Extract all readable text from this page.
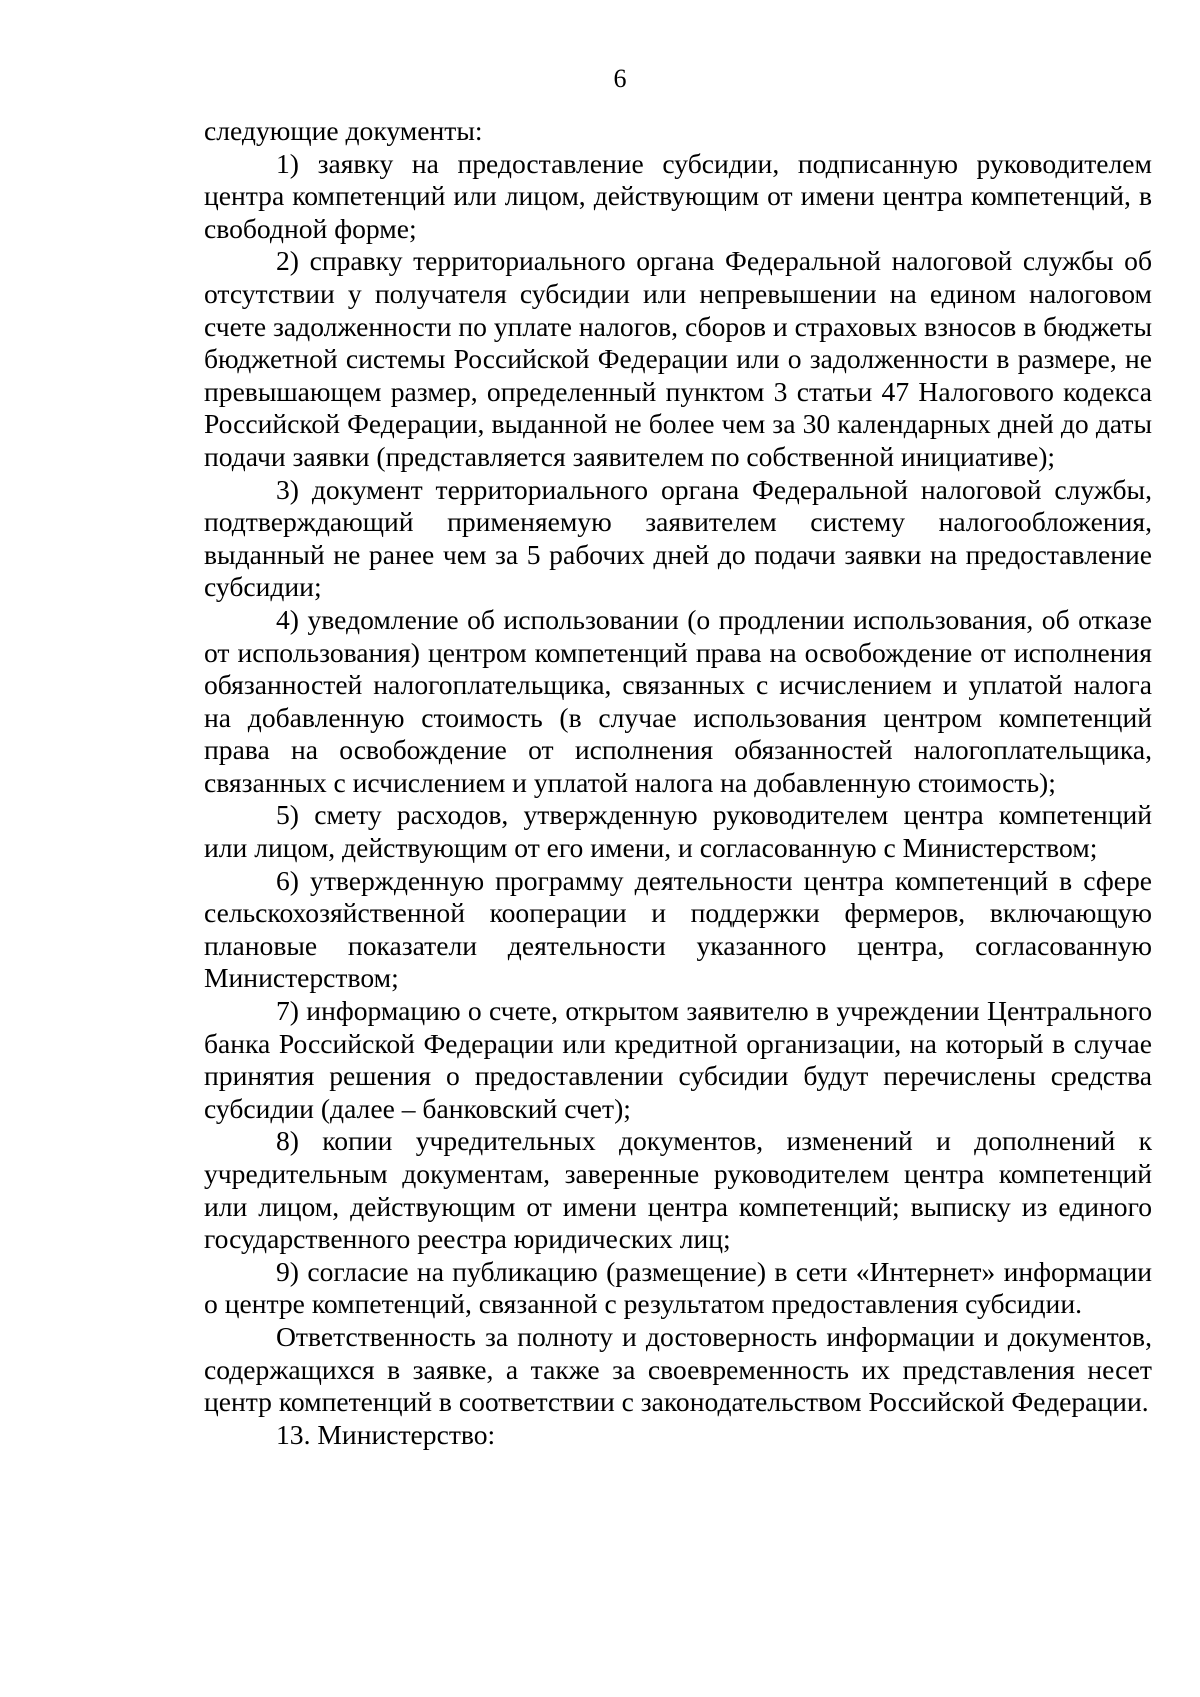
6

следующие документы:

1) заявку на предоставление субсидии, подписанную руководителем центра компетенций или лицом, действующим от имени центра компетенций, в свободной форме;

2) справку территориального органа Федеральной налоговой службы об отсутствии у получателя субсидии или непревышении на едином налоговом счете задолженности по уплате налогов, сборов и страховых взносов в бюджеты бюджетной системы Российской Федерации или о задолженности в размере, не превышающем размер, определенный пунктом 3 статьи 47 Налогового кодекса Российской Федерации, выданной не более чем за 30 календарных дней до даты подачи заявки (представляется заявителем по собственной инициативе);

3) документ территориального органа Федеральной налоговой службы, подтверждающий применяемую заявителем систему налогообложения, выданный не ранее чем за 5 рабочих дней до подачи заявки на предоставление субсидии;

4) уведомление об использовании (о продлении использования, об отказе от использования) центром компетенций права на освобождение от исполнения обязанностей налогоплательщика, связанных с исчислением и уплатой налога на добавленную стоимость (в случае использования центром компетенций права на освобождение от исполнения обязанностей налогоплательщика, связанных с исчислением и уплатой налога на добавленную стоимость);

5) смету расходов, утвержденную руководителем центра компетенций или лицом, действующим от его имени, и согласованную с Министерством;

6) утвержденную программу деятельности центра компетенций в сфере сельскохозяйственной кооперации и поддержки фермеров, включающую плановые показатели деятельности указанного центра, согласованную Министерством;

7) информацию о счете, открытом заявителю в учреждении Центрального банка Российской Федерации или кредитной организации, на который в случае принятия решения о предоставлении субсидии будут перечислены средства субсидии (далее – банковский счет);

8) копии учредительных документов, изменений и дополнений к учредительным документам, заверенные руководителем центра компетенций или лицом, действующим от имени центра компетенций; выписку из единого государственного реестра юридических лиц;

9) согласие на публикацию (размещение) в сети «Интернет» информации о центре компетенций, связанной с результатом предоставления субсидии.

Ответственность за полноту и достоверность информации и документов, содержащихся в заявке, а также за своевременность их представления несет центр компетенций в соответствии с законодательством Российской Федерации.

13. Министерство:
